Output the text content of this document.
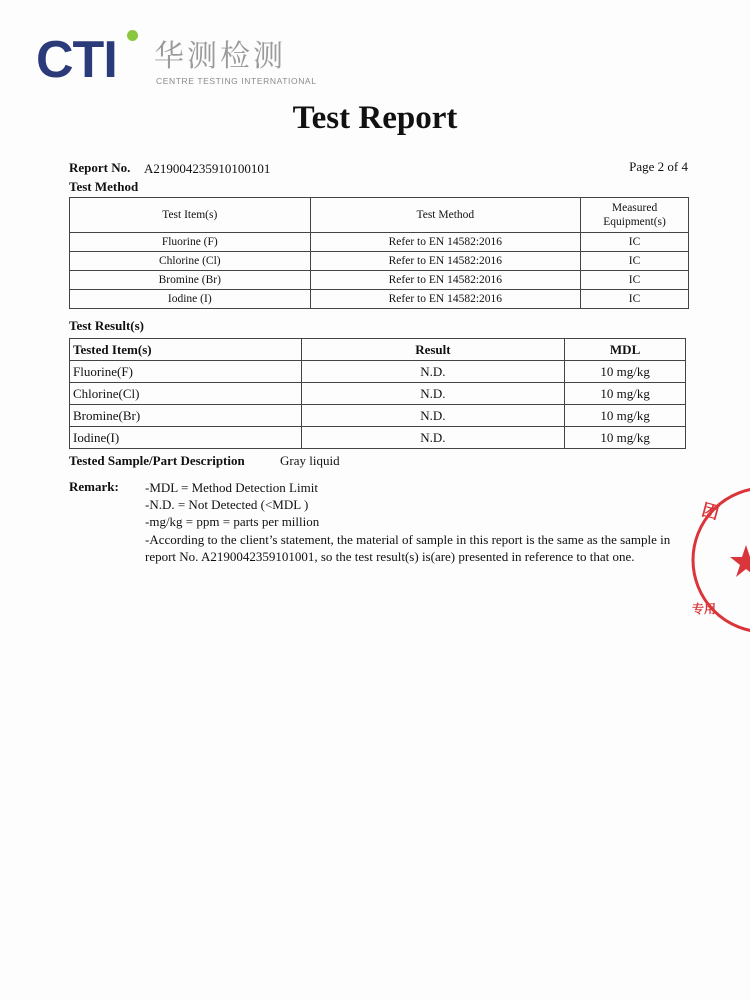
CTI 华测检测
CENTRE TESTING INTERNATIONAL
Test Report
Report No. A219004235910100101	Page 2 of 4
Test Method
Test Item(s)	Test Method	Measured Equipment(s)
Fluorine (F)	Refer to EN 14582:2016	IC
Chlorine (Cl)	Refer to EN 14582:2016	IC
Bromine (Br)	Refer to EN 14582:2016	IC
Iodine (I)	Refer to EN 14582:2016	IC
Test Result(s)
Tested Item(s)	Result	MDL
Fluorine(F)	N.D.	10 mg/kg
Chlorine(Cl)	N.D.	10 mg/kg
Bromine(Br)	N.D.	10 mg/kg
Iodine(I)	N.D.	10 mg/kg
Tested Sample/Part Description	Gray liquid
Remark: -MDL = Method Detection Limit
-N.D. = Not Detected (<MDL )
-mg/kg = ppm = parts per million
-According to the client’s statement, the material of sample in this report is the same as the sample in
report No. A2190042359101001, so the test result(s) is(are) presented in reference to that one.
团
专用
